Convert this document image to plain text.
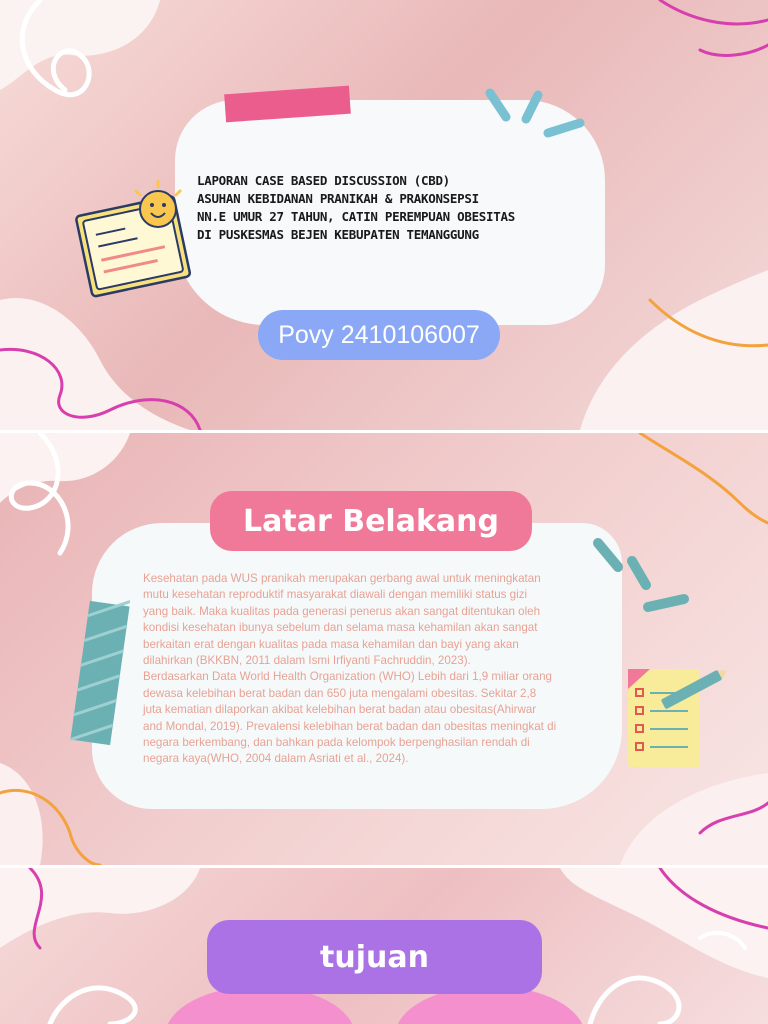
LAPORAN CASE BASED DISCUSSION (CBD)
ASUHAN KEBIDANAN PRANIKAH & PRAKONSEPSI
NN.E UMUR 27 TAHUN, CATIN PEREMPUAN OBESITAS
DI PUSKESMAS BEJEN KEBUPATEN TEMANGGUNG
Povy 2410106007
Latar Belakang
Kesehatan pada WUS pranikah merupakan gerbang awal untuk meningkatan
mutu kesehatan reproduktif masyarakat diawali dengan memiliki status gizi
yang baik. Maka kualitas pada generasi penerus akan sangat ditentukan oleh
kondisi kesehatan ibunya sebelum dan selama masa kehamilan akan sangat
berkaitan erat dengan kualitas pada masa kehamilan dan bayi yang akan
dilahirkan (BKKBN, 2011 dalam Ismi Irfiyanti Fachruddin, 2023).
Berdasarkan Data World Health Organization (WHO) Lebih dari 1,9 miliar orang
dewasa kelebihan berat badan dan 650 juta mengalami obesitas. Sekitar 2,8
juta kematian dilaporkan akibat kelebihan berat badan atau obesitas(Ahirwar
and Mondal, 2019). Prevalensi kelebihan berat badan dan obesitas meningkat di
negara berkembang, dan bahkan pada kelompok berpenghasilan rendah di
negara kaya(WHO, 2004 dalam Asriati et al., 2024).
tujuan
